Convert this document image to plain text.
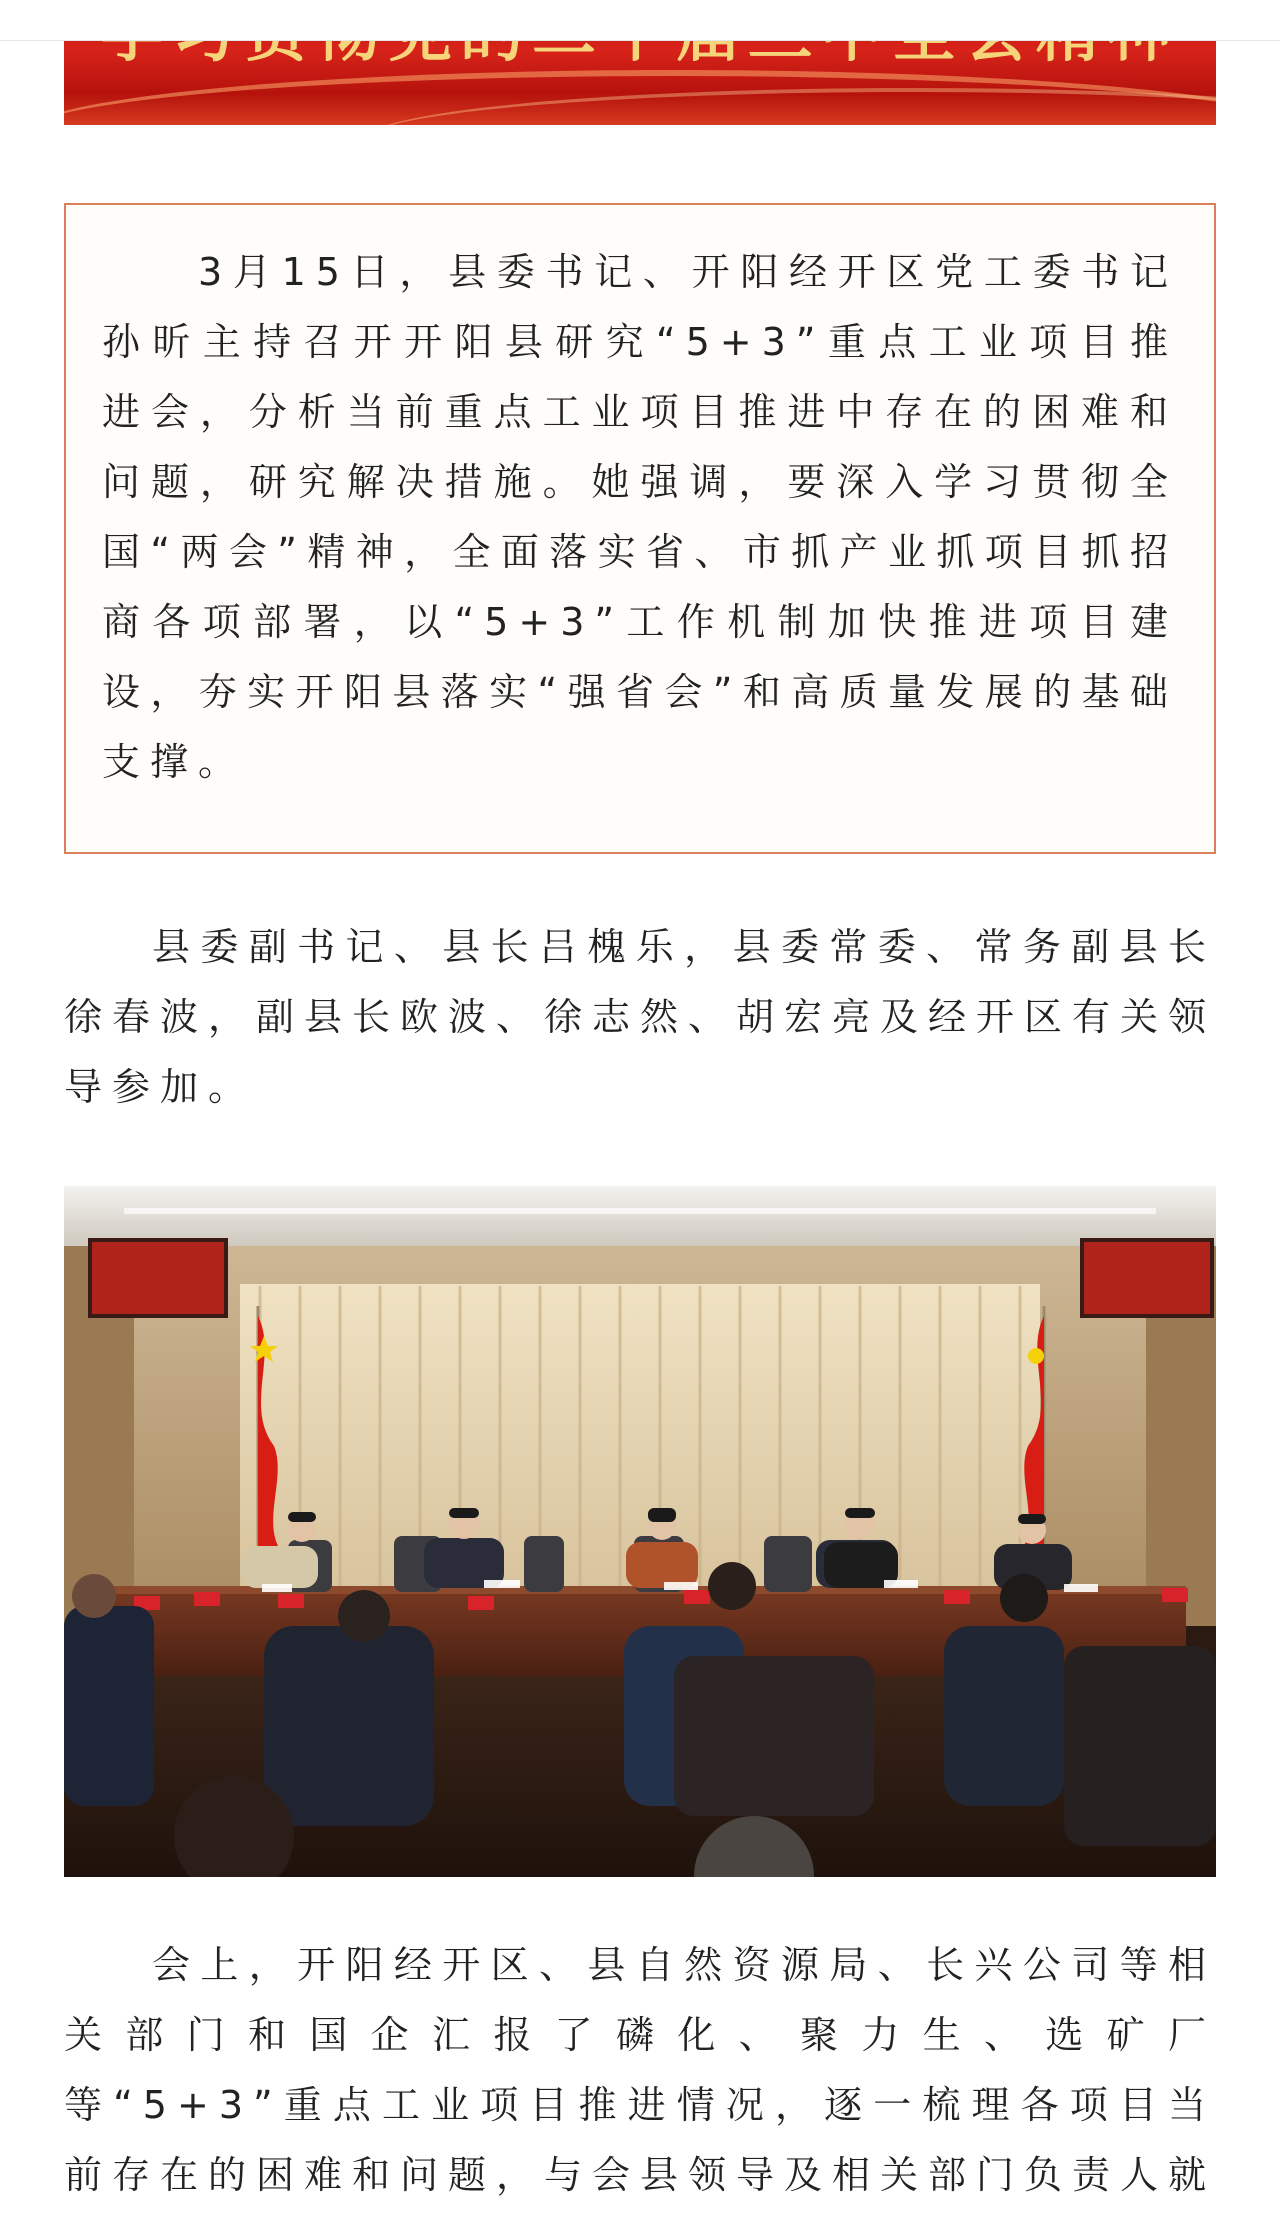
3月15日，县委书记、开阳经开区党工委书记孙昕主持召开开阳县研究“5+3”重点工业项目推进会，分析当前重点工业项目推进中存在的困难和问题，研究解决措施。她强调，要深入学习贯彻全国“两会”精神，全面落实省、市抓产业抓项目抓招商各项部署，以“5+3”工作机制加快推进项目建设，夯实开阳县落实“强省会”和高质量发展的基础支撑。

县委副书记、县长吕槐乐，县委常委、常务副县长徐春波，副县长欧波、徐志然、胡宏亮及经开区有关领导参加。

会上，开阳经开区、县自然资源局、长兴公司等相关部门和国企汇报了磷化、聚力生、选矿厂等“5+3”重点工业项目推进情况，逐一梳理各项目当前存在的困难和问题，与会县领导及相关部门负责人就
